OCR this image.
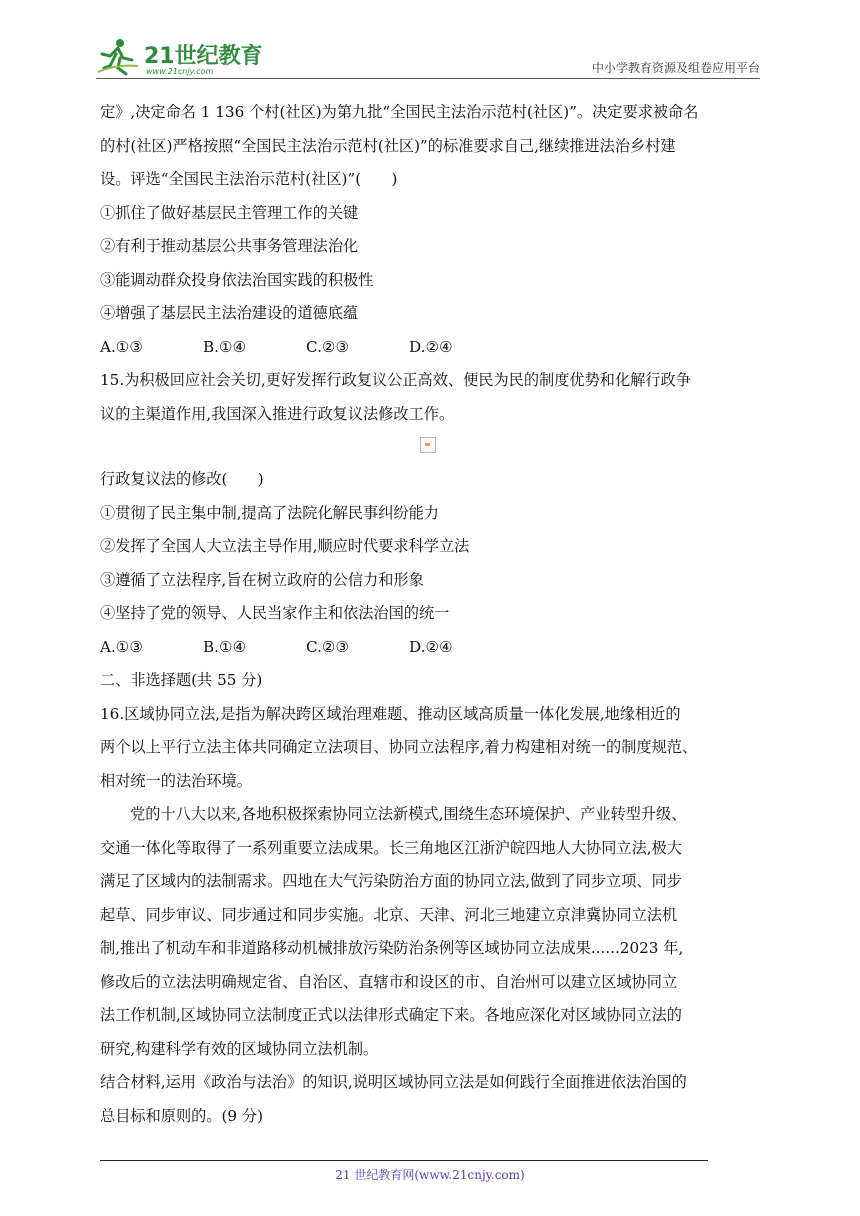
21世纪教育
www.21cnjy.com	中小学教育资源及组卷应用平台

定》,决定命名 1 136 个村(社区)为第九批“全国民主法治示范村(社区)”。决定要求被命名

的村(社区)严格按照“全国民主法治示范村(社区)”的标准要求自己,继续推进法治乡村建

设。评选“全国民主法治示范村(社区)”(　　)

①抓住了做好基层民主管理工作的关键

②有利于推动基层公共事务管理法治化

③能调动群众投身依法治国实践的积极性

④增强了基层民主法治建设的道德底蕴

A.①③	B.①④	C.②③	D.②④

15.为积极回应社会关切,更好发挥行政复议公正高效、便民为民的制度优势和化解行政争

议的主渠道作用,我国深入推进行政复议法修改工作。

行政复议法的修改(　　)

①贯彻了民主集中制,提高了法院化解民事纠纷能力

②发挥了全国人大立法主导作用,顺应时代要求科学立法

③遵循了立法程序,旨在树立政府的公信力和形象

④坚持了党的领导、人民当家作主和依法治国的统一

A.①③	B.①④	C.②③	D.②④

二、非选择题(共 55 分)

16.区域协同立法,是指为解决跨区域治理难题、推动区域高质量一体化发展,地缘相近的

两个以上平行立法主体共同确定立法项目、协同立法程序,着力构建相对统一的制度规范、

相对统一的法治环境。

党的十八大以来,各地积极探索协同立法新模式,围绕生态环境保护、产业转型升级、

交通一体化等取得了一系列重要立法成果。长三角地区江浙沪皖四地人大协同立法,极大

满足了区域内的法制需求。四地在大气污染防治方面的协同立法,做到了同步立项、同步

起草、同步审议、同步通过和同步实施。北京、天津、河北三地建立京津冀协同立法机

制,推出了机动车和非道路移动机械排放污染防治条例等区域协同立法成果......2023 年,

修改后的立法法明确规定省、自治区、直辖市和设区的市、自治州可以建立区域协同立

法工作机制,区域协同立法制度正式以法律形式确定下来。各地应深化对区域协同立法的

研究,构建科学有效的区域协同立法机制。

结合材料,运用《政治与法治》的知识,说明区域协同立法是如何践行全面推进依法治国的

总目标和原则的。(9 分)

21 世纪教育网(www.21cnjy.com)
